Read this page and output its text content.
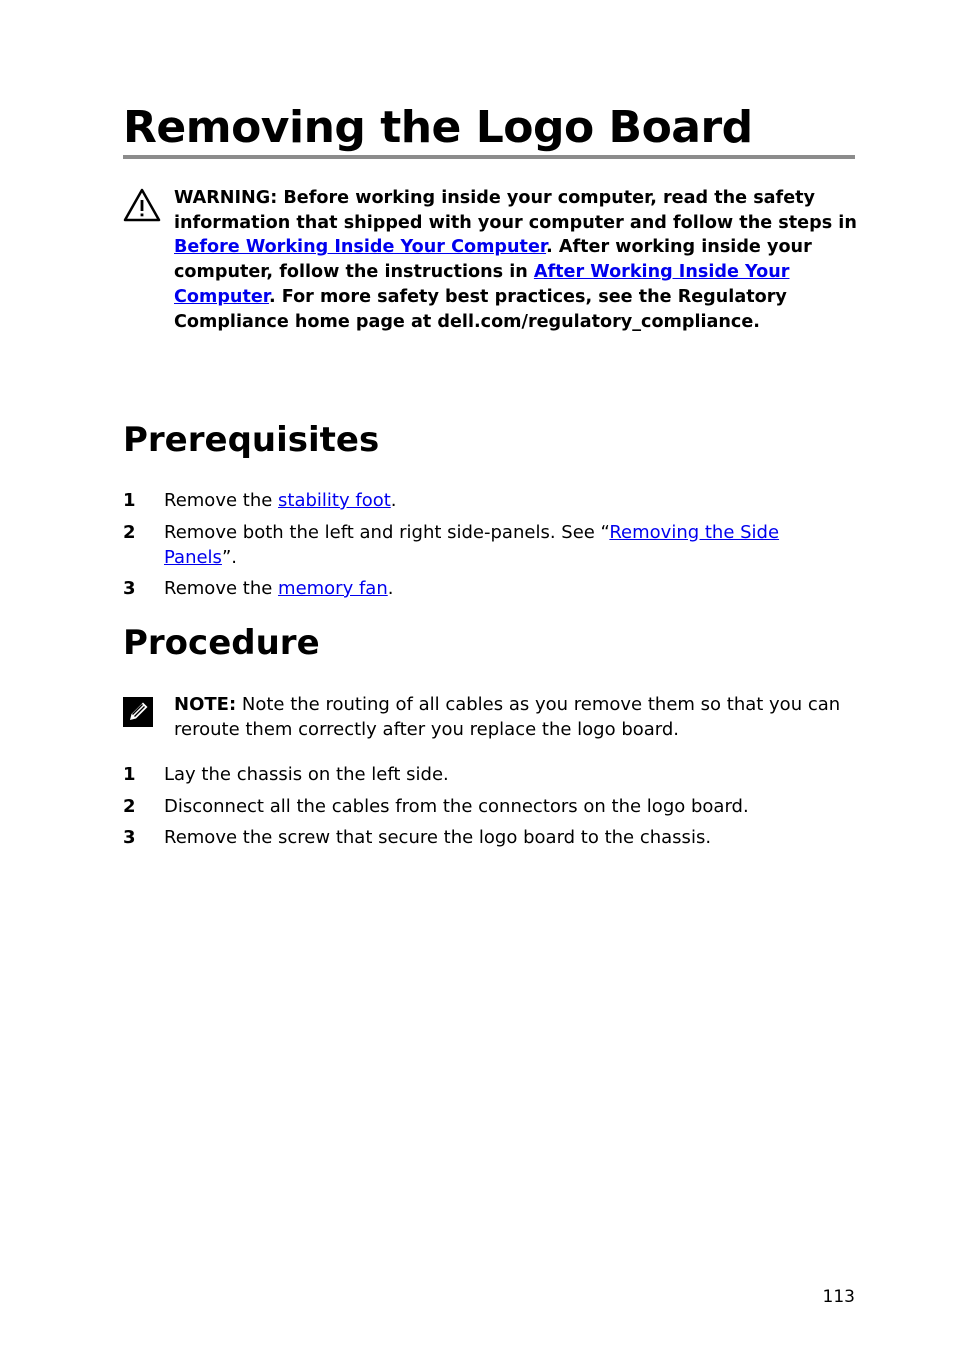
Removing the Logo Board
WARNING: Before working inside your computer, read the safety information that shipped with your computer and follow the steps in Before Working Inside Your Computer. After working inside your computer, follow the instructions in After Working Inside Your Computer. For more safety best practices, see the Regulatory Compliance home page at dell.com/regulatory_compliance.
Prerequisites
1 Remove the stability foot.
2 Remove both the left and right side-panels. See “Removing the Side Panels”.
3 Remove the memory fan.
Procedure
NOTE: Note the routing of all cables as you remove them so that you can reroute them correctly after you replace the logo board.
1 Lay the chassis on the left side.
2 Disconnect all the cables from the connectors on the logo board.
3 Remove the screw that secure the logo board to the chassis.
113
